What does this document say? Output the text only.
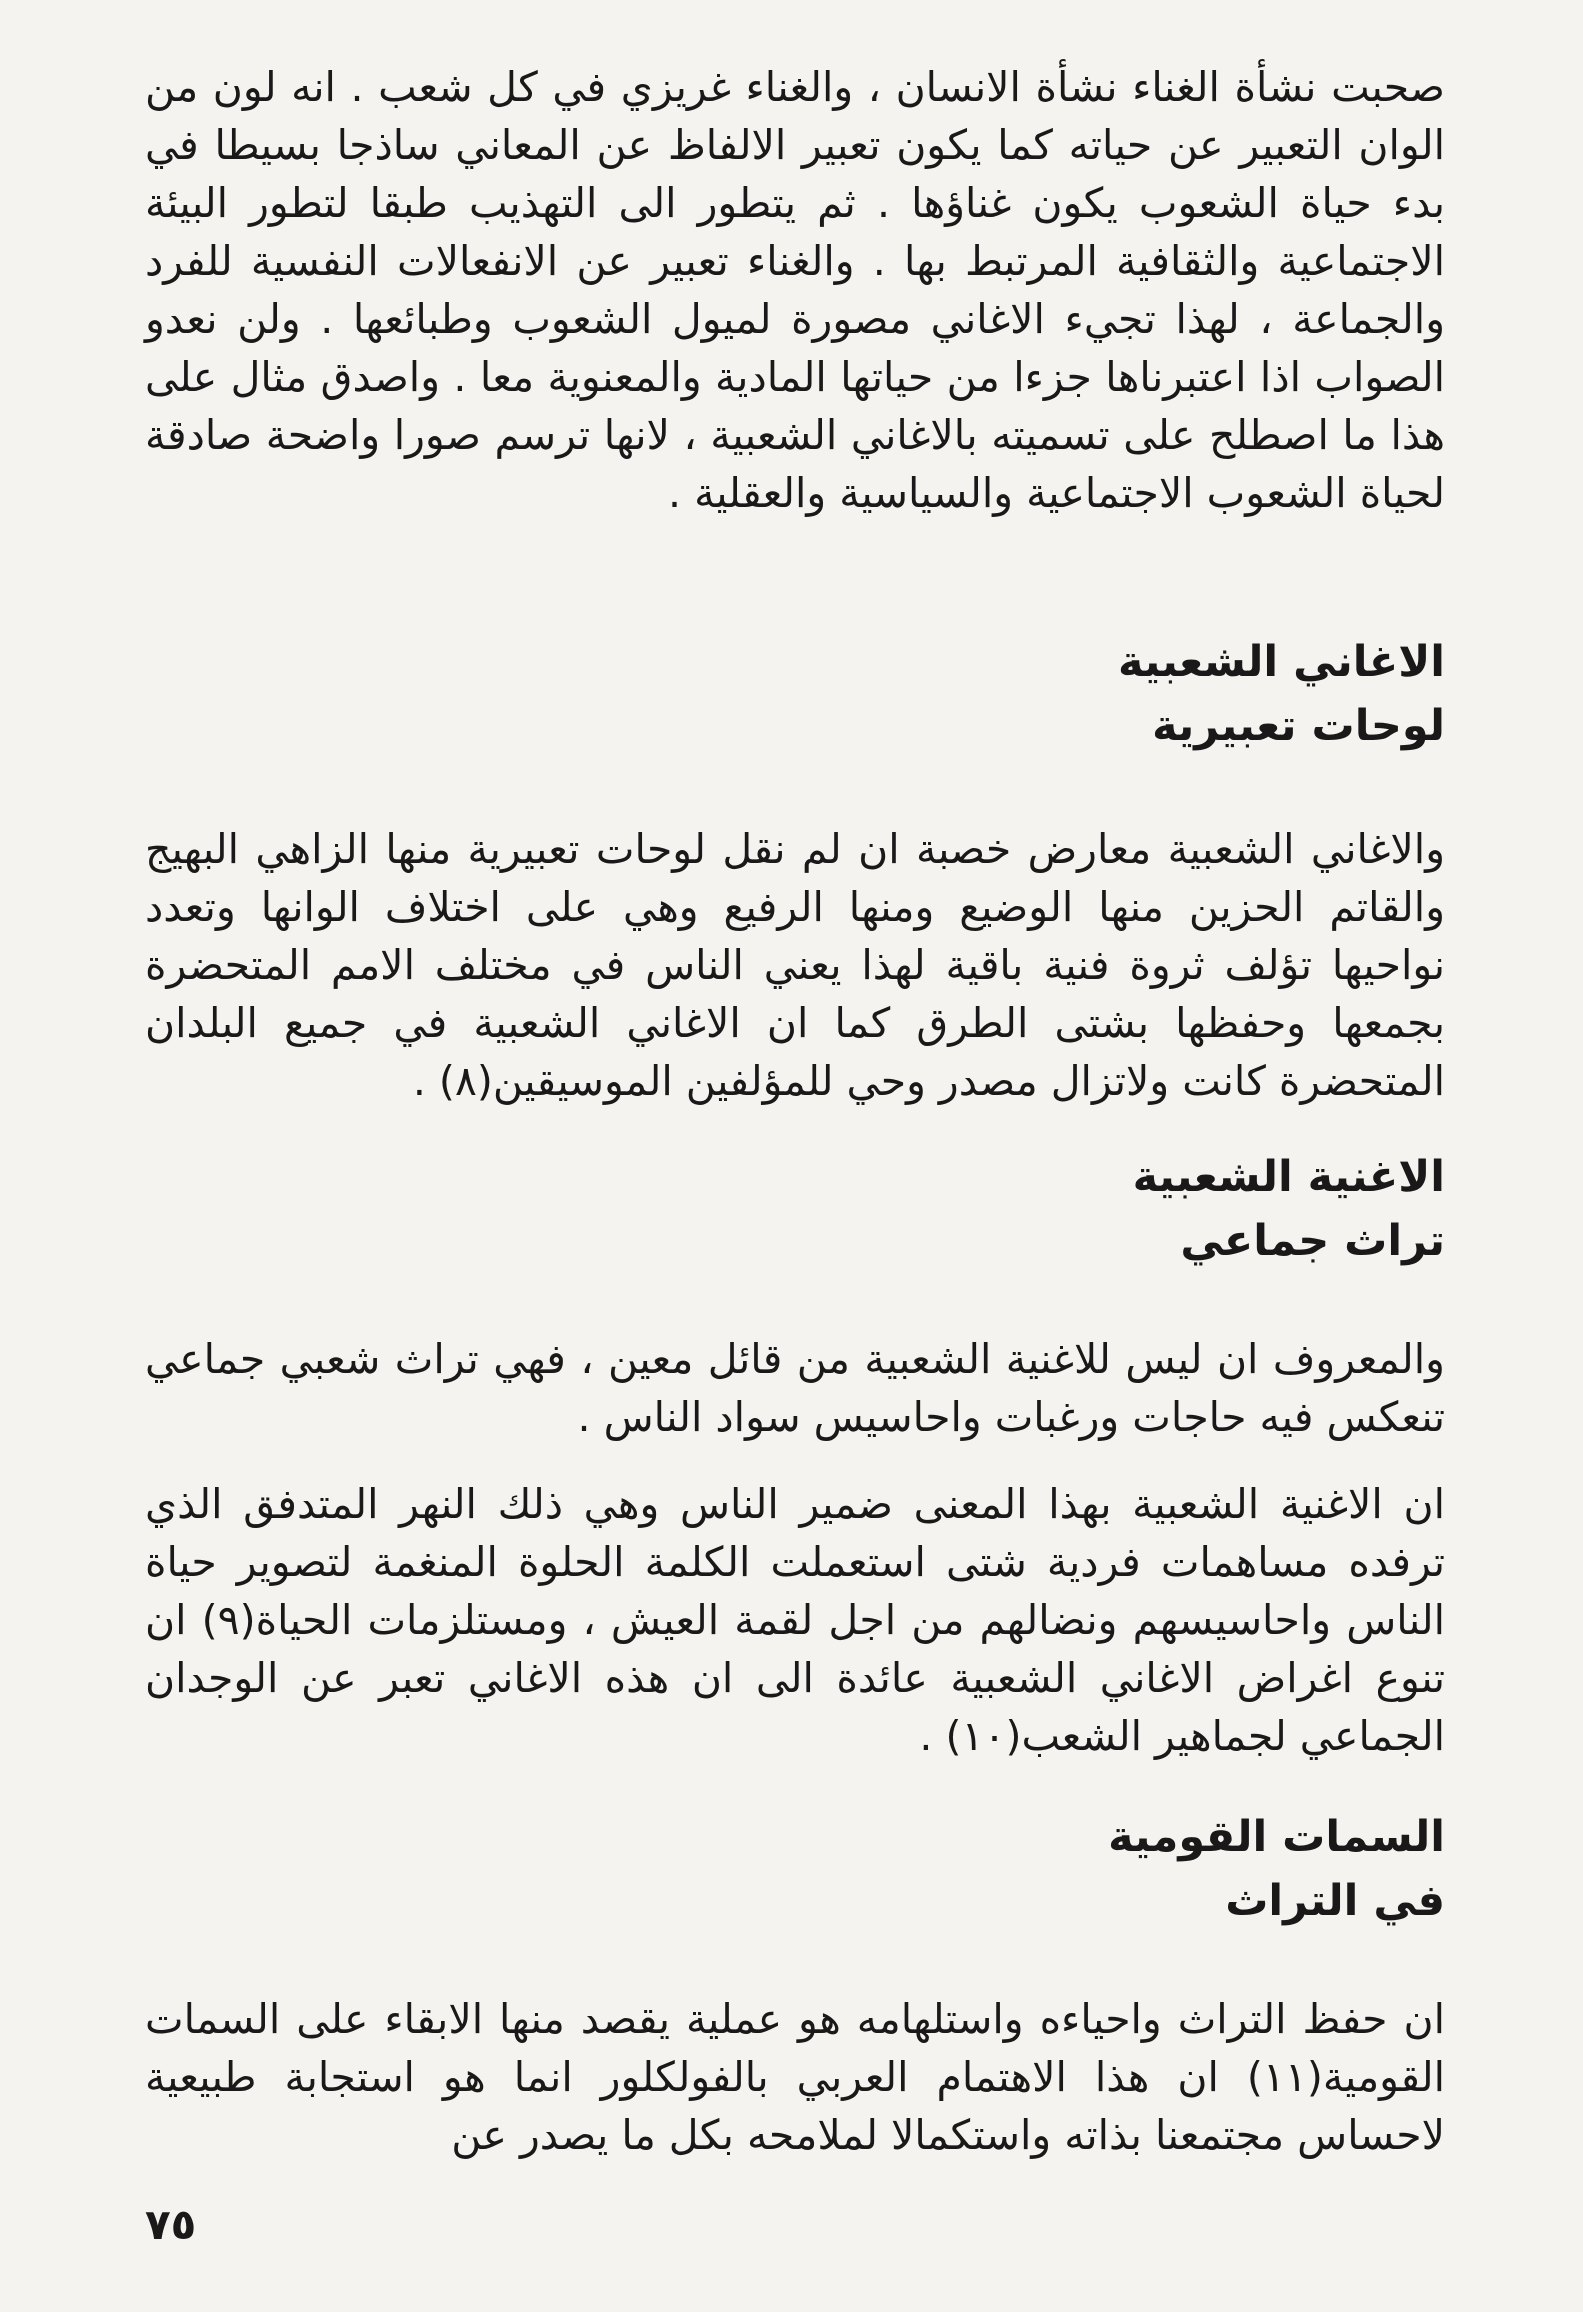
صحبت نشأة الغناء نشأة الانسان ، والغناء غريزي في كل شعب . انه لون من الوان التعبير عن حياته كما يكون تعبير الالفاظ عن المعاني ساذجا بسيطا في بدء حياة الشعوب يكون غناؤها . ثم يتطور الى التهذيب طبقا لتطور البيئة الاجتماعية والثقافية المرتبط بها . والغناء تعبير عن الانفعالات النفسية للفرد والجماعة ، لهذا تجيء الاغاني مصورة لميول الشعوب وطبائعها . ولن نعدو الصواب اذا اعتبرناها جزءا من حياتها المادية والمعنوية معا . واصدق مثال على هذا ما اصطلح على تسميته بالاغاني الشعبية ، لانها ترسم صورا واضحة صادقة لحياة الشعوب الاجتماعية والسياسية والعقلية .

الاغاني الشعبية

لوحات تعبيرية

والاغاني الشعبية معارض خصبة ان لم نقل لوحات تعبيرية منها الزاهي البهيج والقاتم الحزين منها الوضيع ومنها الرفيع وهي على اختلاف الوانها وتعدد نواحيها تؤلف ثروة فنية باقية لهذا يعني الناس في مختلف الامم المتحضرة بجمعها وحفظها بشتى الطرق كما ان الاغاني الشعبية في جميع البلدان المتحضرة كانت ولاتزال مصدر وحي للمؤلفين الموسيقين(٨) .

الاغنية الشعبية

تراث جماعي

والمعروف ان ليس للاغنية الشعبية من قائل معين ، فهي تراث شعبي جماعي تنعكس فيه حاجات ورغبات واحاسيس سواد الناس .

ان الاغنية الشعبية بهذا المعنى ضمير الناس وهي ذلك النهر المتدفق الذي ترفده مساهمات فردية شتى استعملت الكلمة الحلوة المنغمة لتصوير حياة الناس واحاسيسهم ونضالهم من اجل لقمة العيش ، ومستلزمات الحياة(٩) ان تنوع اغراض الاغاني الشعبية عائدة الى ان هذه الاغاني تعبر عن الوجدان الجماعي لجماهير الشعب(١٠) .

السمات القومية

في التراث

ان حفظ التراث واحياءه واستلهامه هو عملية يقصد منها الابقاء على السمات القومية(١١) ان هذا الاهتمام العربي بالفولكلور انما هو استجابة طبيعية لاحساس مجتمعنا بذاته واستكمالا لملامحه بكل ما يصدر عن

٧٥
